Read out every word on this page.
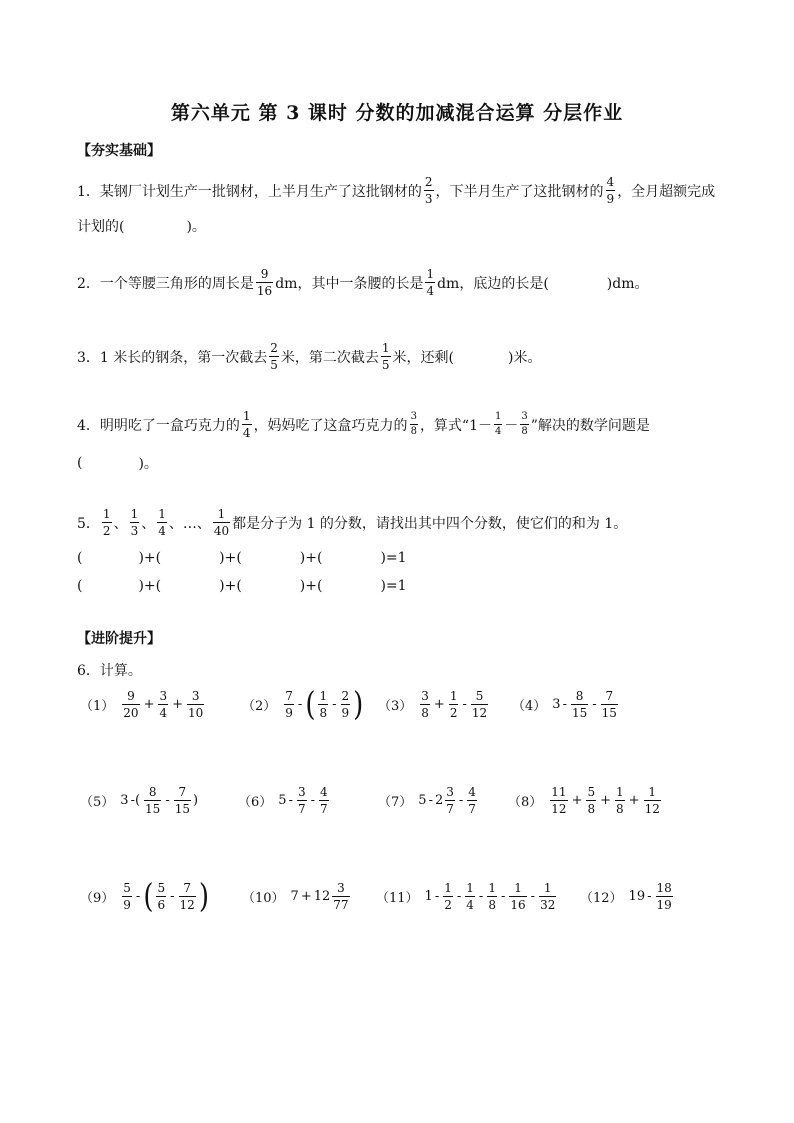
第六单元 第 3 课时 分数的加减混合运算 分层作业
【夯实基础】
1．某钢厂计划生产一批钢材，上半月生产了这批钢材的 $\frac{2}{3}$ ，下半月生产了这批钢材的 $\frac{4}{9}$ ，全月超额完成
计划的(	)。
2．一个等腰三角形的周长是 $\frac{9}{16}$ dm，其中一条腰的长是 $\frac{1}{4}$ dm，底边的长是(	)dm。
3．1 米长的钢条，第一次截去 $\frac{2}{5}$ 米，第二次截去 $\frac{1}{5}$ 米，还剩(	)米。
4．明明吃了一盒巧克力的 $\frac{1}{4}$ ，妈妈吃了这盒巧克力的 $\frac{3}{8}$ ，算式“$1- \frac{1}{4} - \frac{3}{8}$ ”解决的数学问题是
(	)。
5． $\frac{1}{2}$ 、 $\frac{1}{3}$ 、 $\frac{1}{4}$ 、…、 $\frac{1}{40}$ 都是分子为 1 的分数，请找出其中四个分数，使它们的和为 1。
(	)+(	)+(	)+(	)=1
(	)+(	)+(	)+(	)=1
【进阶提升】
6．计算。
$(1) \frac{9}{20} + \frac{3}{4} + \frac{3}{10}$	$(2) \frac{7}{9}$ - ( $\frac{1}{8} - \frac{2}{9}$ ) $(3) \frac{3}{8} + \frac{1}{2} - \frac{5}{12} (4)$ $3 - \frac{8}{15} - \frac{7}{15}$
（5） 3 -( $\frac{8}{15} - \frac{7}{15}$ )	（6） $5 - \frac{3}{7} - \frac{4}{7}$	（7） $5 - 2 \frac{3}{7} - \frac{4}{7} (8) \frac{11}{12} + \frac{5}{8} + \frac{1}{8} + \frac{1}{12}$
$(9) \frac{5}{9}$ - ( $\frac{5}{6} - \frac{7}{12}$ )	（10） $7 + 12 \frac{3}{77} (11)$ $1 - \frac{1}{2} - \frac{1}{4} - \frac{1}{8} - \frac{1}{16} - \frac{1}{32} (12)$ $19 - \frac{18}{19}$
